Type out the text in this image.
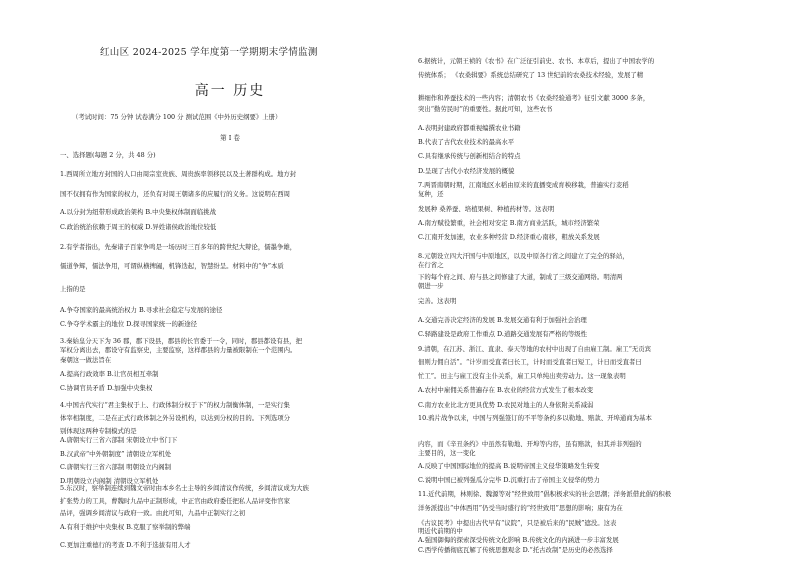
红山区 2024-2025 学年度第一学期期末学情监测
高一 历史
（考试时间：75 分钟 试卷满分 100 分 测试范围《中外历史纲要》上册）
第 I 卷
一、选择题(每题 2 分，共 48 分)
1.西周所立地方封国的人口由周宗室贵族、周贵族率领移民以及土著群构成。地方封
国不仅拥有作为国家的权力，还负有对周王朝诸多的应履行的义务。这说明在西周
A.以分封为纽带形成政治架构 B.中央集权体制面临挑战
C.政治统治依赖于周王的权威 D.异姓诸侯政治地位较低
2.有学者指出，先秦诸子百家争鸣是一场历时三百多年的跨世纪大辩论，儒墨争雄，
儒道争辉，儒法争用，可谓纵横捭阖，机锋迭起，智慧纷呈。材料中的“争”本质
上指的是
A.争夺国家的最高统治权力 B.寻求社会稳定与发展的途径
C.争夺学术霸主的地位 D.探寻国家统一的新途径
3.秦始皇分天下为 36 郡，郡下设县，郡县的长官委于一令，同时，郡县都设有县，把
军权分离出去，郡设守有监察史，主要监察，这样郡县的力量被限制在一个范围内。
秦朝这一做法旨在
A.提高行政效率 B.让官员相互牵制
C.协调官员矛盾 D.加强中央集权
4.中国古代实行“君主集权于上、行政体制分权于下”的权力制衡体制，一是实行集
体宰相制度，二是在正式行政体制之外另设机构，以达到分权的目的。下列选项分
别体现这两种专制模式的是
A.唐朝实行三省六部制 宋朝设立中书门下
B.汉武帝“中外朝制度” 清朝设立军机处
C.唐朝实行三省六部制 明朝设立内阁制
D.明朝设立内阁制 清朝设立军机处
5.东汉时，察举制连续到魏文帝时由本乡名士主导的乡闾清议作传统，乡闾清议成为大族
扩张势力的工具，曹魏时九品中正制形成，中正官由政府委任把私人品评变作官家
品评，强调乡闾清议与政府一致。由此可知，九品中正制实行之初
A.有利于维护中央集权 B.克服了察举制的弊端
C.更加注重德行的考查 D.不利于选拔有用人才
6.据统计，元朝王祯的《农书》在广泛征引前史、农书、本草后，提出了中国农学的
传统体系； 《农桑辑要》系统总结研究了 13 世纪前的农桑技术经验，发展了精
耕细作和养蚕技术的一些内容；清朝农书《农桑经验通考》征引文献 3000 多条，
突出“勤劳民时”的重要性。据此可知，这些农书
A.表明封建政府都重视编撰农业书籍
B.代表了古代农业技术的最高水平
C.具有继承传统与创新相结合的特点
D.呈现了古代小农经济发展的概貌
7.两晋南朝时期，江南地区水稻由原来的直播变成育秧移栽，普遍实行麦稻
复种，还
发展种 桑养蚕、培植果树、种植药材等。这表明
A.南方赋役繁重，社会相对安定 B.南方商业活跃，城市经济繁荣
C.江南开发加速，农业多种经营 D.经济重心南移，粗放关系发展
8.元朝设立四大汗国与中原地区，以及中原各行省之间建立了完全的驿站，
在行省之
下的每个府之间、府与县之间修建了大道，制成了三级交通网络。明清两
朝进一步
完善。这表明
A.交通完善决定经济的发展 B.发展交通有利于加强社会治理
C.驿路建设是政府工作重点 D.道路交通发展有严格的等级性
9.清朝，在江苏、浙江、直隶、泰天等地的农村中出现了自由雇工制。雇工“无贡宾
佃则力佣自活”。“计岁而受直者曰长工，计时而受直者曰短工，计日而受直者曰
忙工”。田主与雇工没有主仆关系，雇工只单纯出卖劳动力。这一现象表明
A.农村中雇佣关系普遍存在 B.农业的经营方式发生了根本改变
C.南方农业比北方更具优势 D.农民对地主的人身依附关系减弱
10.鸦片战争以来，中国与列强签订的不平等条约多以勒地、赔款、开埠通商为基本
内容，而《辛丑条约》中虽然有勒地、开埠等内容，虽有赔款，但其并非列强的
主要目的，这一变化
A.反映了中国国际地位的提高 B.说明帝国主义侵华策略发生转变
C.说明中国已被列强瓜分完毕 D.沉重打击了帝国主义侵华的势力
11.近代前期，林则徐、魏源等对“经世致用”倡积极求实的社会思潮；洋务派借此倡的积极
洋务派提出“中体西用”仍受当时盛行的“经世致用”思想的影响；康有为在
《古议民考》中提出古代早有“议院”，只是被后来的“民贼”遮没。这表
明近代前期的中
A.强国御侮的探索深受传统文化影响 B.传统文化的内涵进一步丰富发展
C.西学传播彻底瓦解了传统思想观念 D.“托古改制”是历史的必然选择
